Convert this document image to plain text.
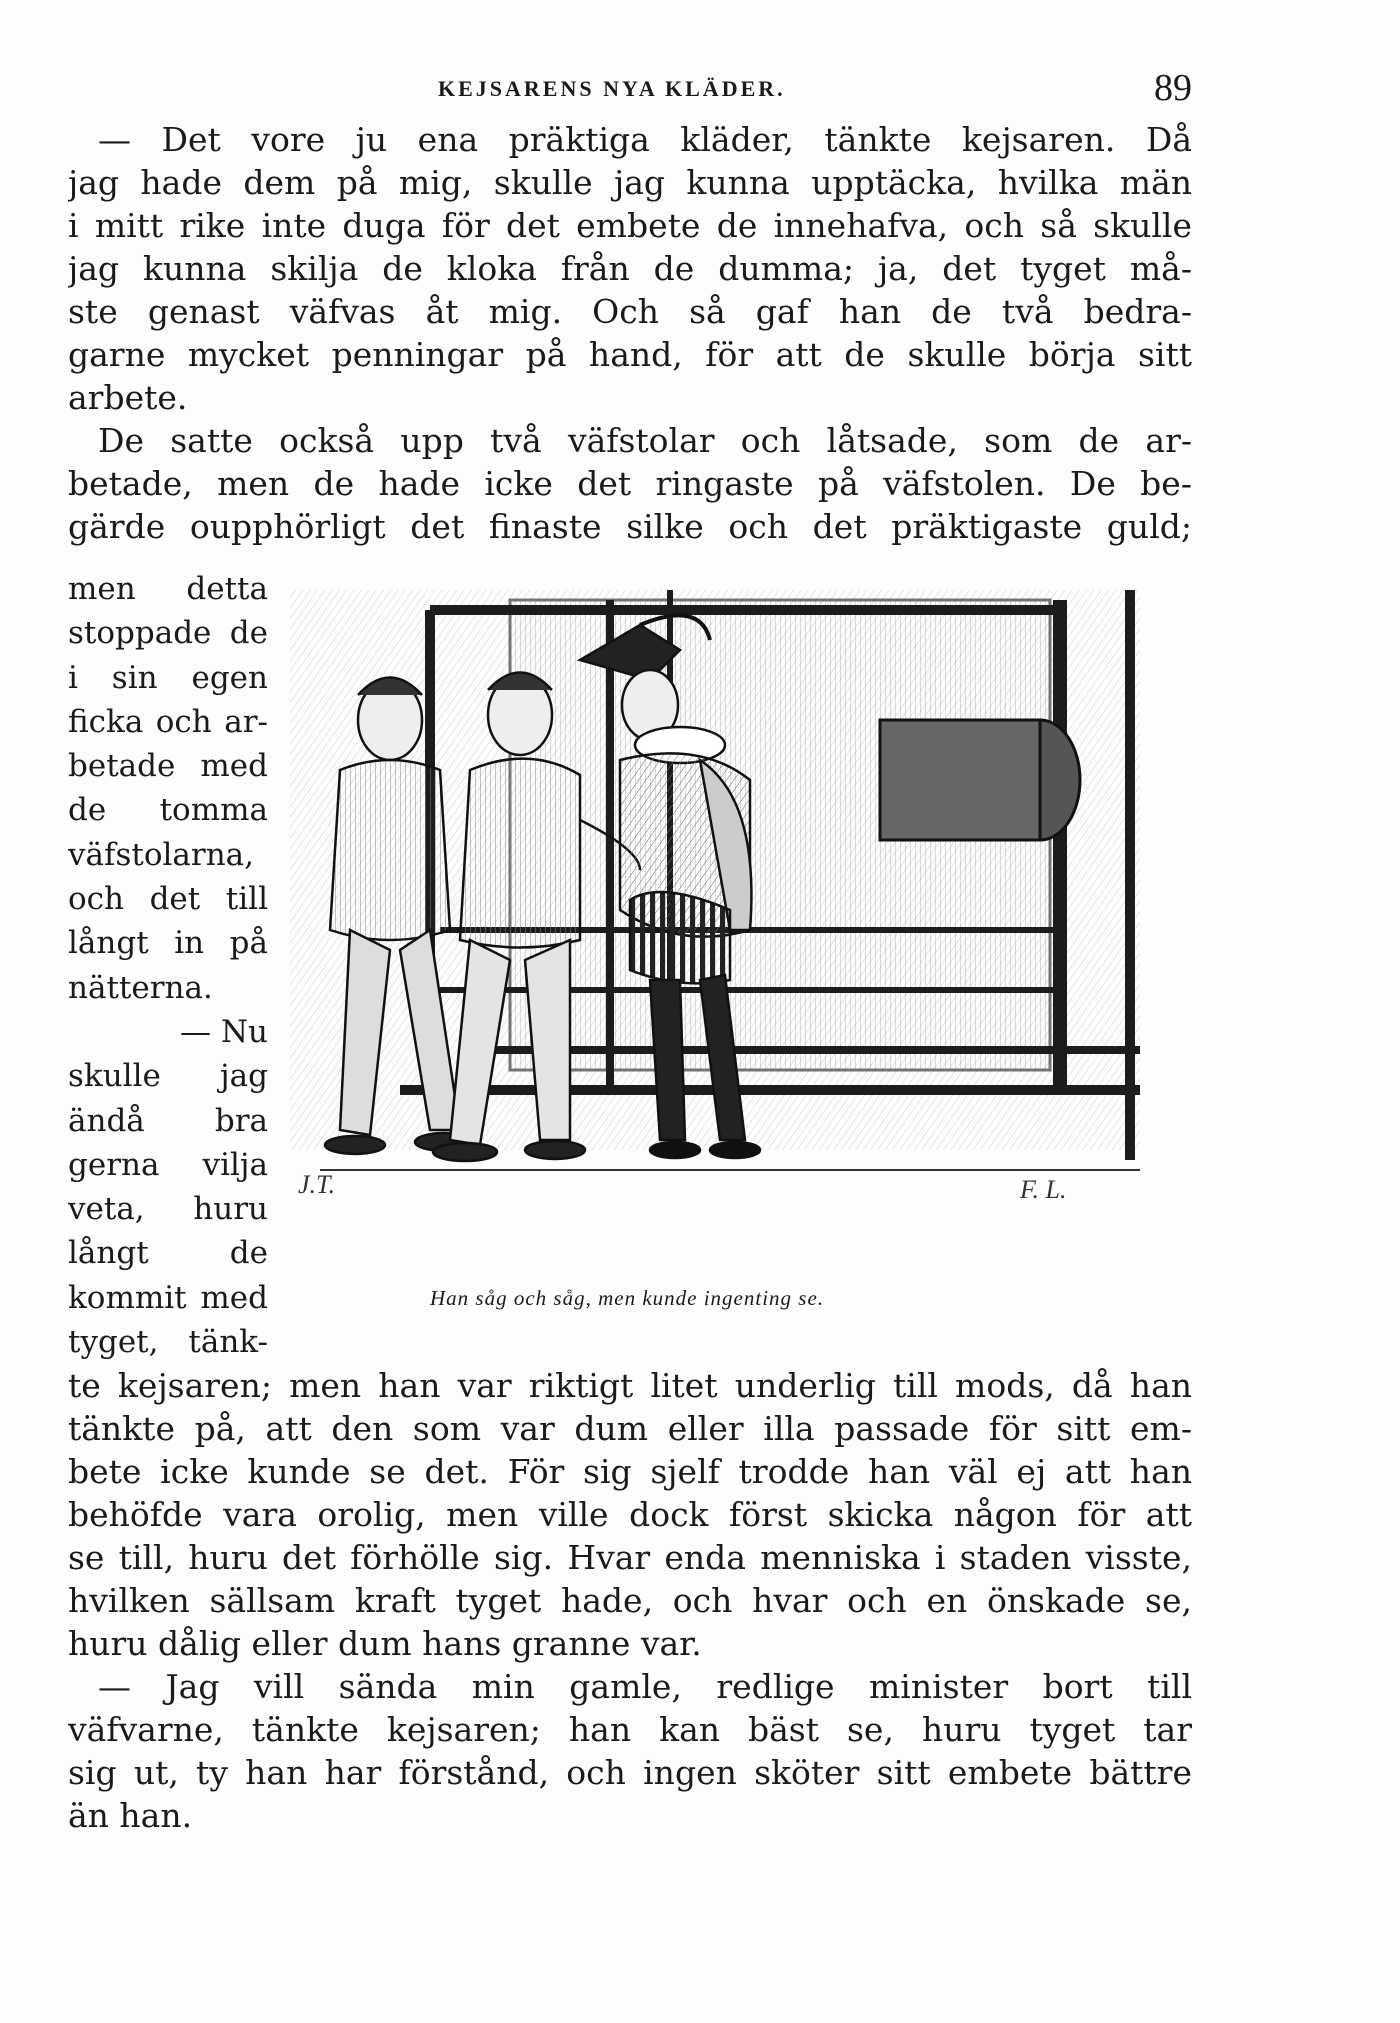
KEJSARENS NYA KLÄDER.	89
— Det vore ju ena präktiga kläder, tänkte kejsaren. Då
jag hade dem på mig, skulle jag kunna upptäcka, hvilka män
i mitt rike inte duga för det embete de innehafva, och så skulle
jag kunna skilja de kloka från de dumma; ja, det tyget må-
ste genast väfvas åt mig. Och så gaf han de två bedra-
garne mycket penningar på hand, för att de skulle börja sitt
arbete.
De satte också upp två väfstolar och låtsade, som de ar-
betade, men de hade icke det ringaste på väfstolen. De be-
gärde oupphörligt det finaste silke och det präktigaste guld;
men detta
stoppade de
i sin egen
ficka och ar-
betade med
de tomma
väfstolarna,
och det till
långt in på
nätterna.
— Nu
skulle jag
ändå bra
gerna vilja
veta, huru
långt de
kommit med
tyget, tänk-
J.T.	F. L.
Han såg och såg, men kunde ingenting se.
te kejsaren; men han var riktigt litet underlig till mods, då han
tänkte på, att den som var dum eller illa passade för sitt em-
bete icke kunde se det. För sig sjelf trodde han väl ej att han
behöfde vara orolig, men ville dock först skicka någon för att
se till, huru det förhölle sig. Hvar enda menniska i staden visste,
hvilken sällsam kraft tyget hade, och hvar och en önskade se,
huru dålig eller dum hans granne var.
— Jag vill sända min gamle, redlige minister bort till
väfvarne, tänkte kejsaren; han kan bäst se, huru tyget tar
sig ut, ty han har förstånd, och ingen sköter sitt embete bättre
än han.
